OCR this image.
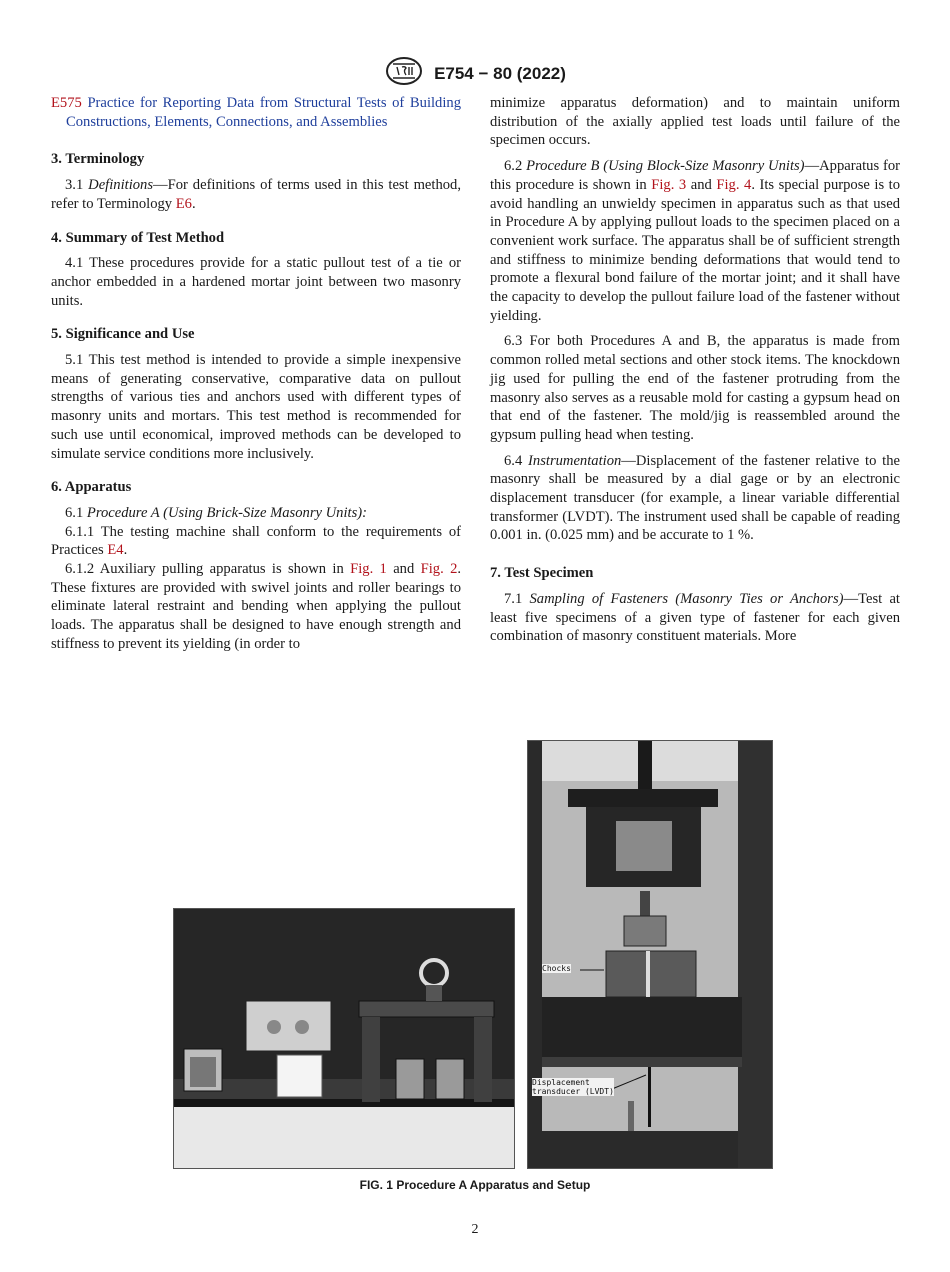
E754 − 80 (2022)

E575 Practice for Reporting Data from Structural Tests of Building Constructions, Elements, Connections, and Assemblies

3. Terminology

3.1 Definitions—For definitions of terms used in this test method, refer to Terminology E6.

4. Summary of Test Method

4.1 These procedures provide for a static pullout test of a tie or anchor embedded in a hardened mortar joint between two masonry units.

5. Significance and Use

5.1 This test method is intended to provide a simple inexpensive means of generating conservative, comparative data on pullout strengths of various ties and anchors used with different types of masonry units and mortars. This test method is recommended for such use until economical, improved methods can be developed to simulate service conditions more inclusively.

6. Apparatus

6.1 Procedure A (Using Brick-Size Masonry Units):

6.1.1 The testing machine shall conform to the requirements of Practices E4.

6.1.2 Auxiliary pulling apparatus is shown in Fig. 1 and Fig. 2. These fixtures are provided with swivel joints and roller bearings to eliminate lateral restraint and bending when applying the pullout loads. The apparatus shall be designed to have enough strength and stiffness to prevent its yielding (in order to

minimize apparatus deformation) and to maintain uniform distribution of the axially applied test loads until failure of the specimen occurs.

6.2 Procedure B (Using Block-Size Masonry Units)—Apparatus for this procedure is shown in Fig. 3 and Fig. 4. Its special purpose is to avoid handling an unwieldy specimen in apparatus such as that used in Procedure A by applying pullout loads to the specimen placed on a convenient work surface. The apparatus shall be of sufficient strength and stiffness to minimize bending deformations that would tend to promote a flexural bond failure of the mortar joint; and it shall have the capacity to develop the pullout failure load of the fastener without yielding.

6.3 For both Procedures A and B, the apparatus is made from common rolled metal sections and other stock items. The knockdown jig used for pulling the end of the fastener protruding from the masonry also serves as a reusable mold for casting a gypsum head on that end of the fastener. The mold/jig is reassembled around the gypsum pulling head when testing.

6.4 Instrumentation—Displacement of the fastener relative to the masonry shall be measured by a dial gage or by an electronic displacement transducer (for example, a linear variable differential transformer (LVDT). The instrument used shall be capable of reading 0.001 in. (0.025 mm) and be accurate to 1 %.

7. Test Specimen

7.1 Sampling of Fasteners (Masonry Ties or Anchors)—Test at least five specimens of a given type of fastener for each given combination of masonry constituent materials. More

Chocks
Displacement
transducer (LVDT)
FIG. 1 Procedure A Apparatus and Setup
2
